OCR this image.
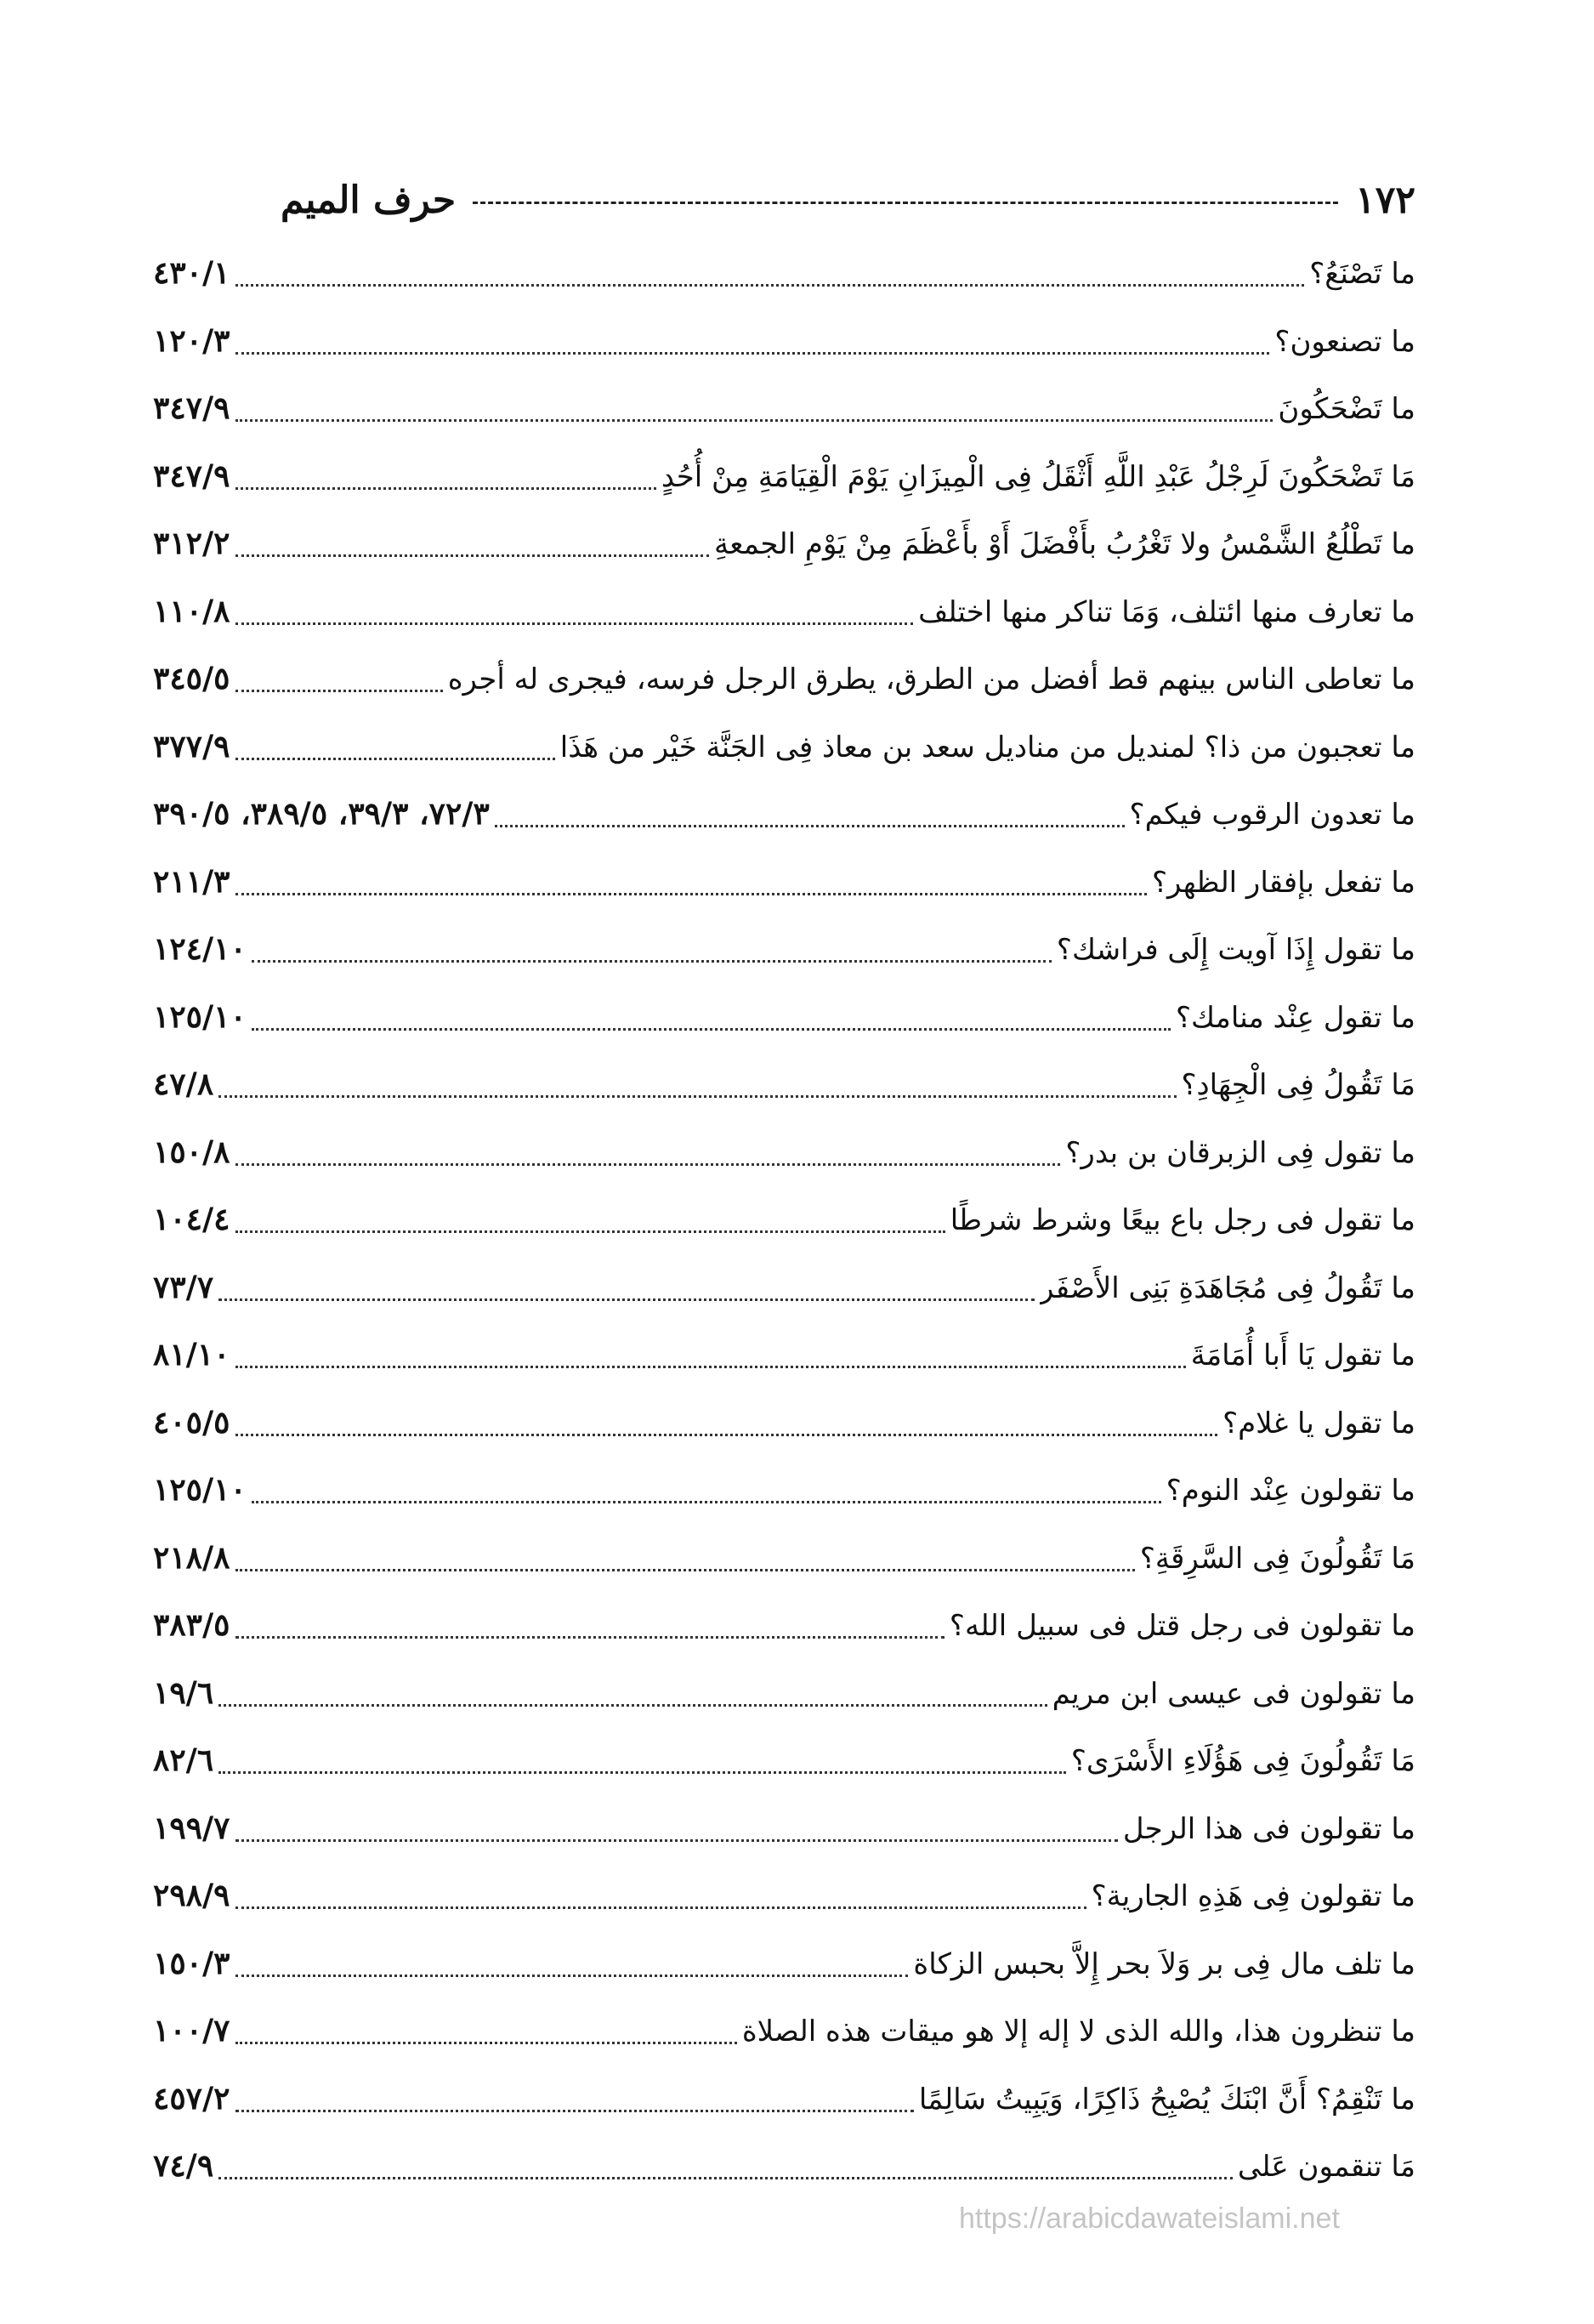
١٧٢
حرف الميم
ما تَصْنَعُ؟
٤٣٠/١
ما تصنعون؟
١٢٠/٣
ما تَضْحَكُونَ
٣٤٧/٩
مَا تَضْحَكُونَ لَرِجْلُ عَبْدِ اللَّهِ أَثْقَلُ فِى الْمِيزَانِ يَوْمَ الْقِيَامَةِ مِنْ أُحُدٍ
٣٤٧/٩
ما تَطْلُعُ الشَّمْسُ ولا تَغْرُبُ بأَفْضَلَ أَوْ بأَعْظَمَ مِنْ يَوْمِ الجمعةِ
٣١٢/٢
ما تعارف منها ائتلف، وَمَا تناكر منها اختلف
١١٠/٨
ما تعاطى الناس بينهم قط أفضل من الطرق، يطرق الرجل فرسه، فيجرى له أجره
٣٤٥/٥
ما تعجبون من ذا؟ لمنديل من مناديل سعد بن معاذ فِى الجَنَّة خَيْر من هَذَا
٣٧٧/٩
ما تعدون الرقوب فيكم؟
٧٢/٣، ٣٩/٣، ٣٨٩/٥، ٣٩٠/٥
ما تفعل بإفقار الظهر؟
٢١١/٣
ما تقول إِذَا آويت إِلَى فراشك؟
١٢٤/١٠
ما تقول عِنْد منامك؟
١٢٥/١٠
مَا تَقُولُ فِى الْجِهَادِ؟
٤٧/٨
ما تقول فِى الزبرقان بن بدر؟
١٥٠/٨
ما تقول فى رجل باع بيعًا وشرط شرطًا
١٠٤/٤
ما تَقُولُ فِى مُجَاهَدَةِ بَنِى الأَصْفَر
٧٣/٧
ما تقول يَا أَبا أُمَامَةَ
٨١/١٠
ما تقول يا غلام؟
٤٠٥/٥
ما تقولون عِنْد النوم؟
١٢٥/١٠
مَا تَقُولُونَ فِى السَّرِقَةِ؟
٢١٨/٨
ما تقولون فى رجل قتل فى سبيل الله؟
٣٨٣/٥
ما تقولون فى عيسى ابن مريم
١٩/٦
مَا تَقُولُونَ فِى هَؤُلَاءِ الأَسْرَى؟
٨٢/٦
ما تقولون فى هذا الرجل
١٩٩/٧
ما تقولون فِى هَذِهِ الجارية؟
٢٩٨/٩
ما تلف مال فِى بر وَلاَ بحر إِلاَّ بحبس الزكاة
١٥٠/٣
ما تنظرون هذا، والله الذى لا إله إلا هو ميقات هذه الصلاة
١٠٠/٧
ما تَنْقِمُ؟ أَنَّ ابْنَكَ يُصْبِحُ ذَاكِرًا، وَيَبِيتُ سَالِمًا
٤٥٧/٢
مَا تنقمون عَلى
٧٤/٩
https://arabicdawateislami.net
